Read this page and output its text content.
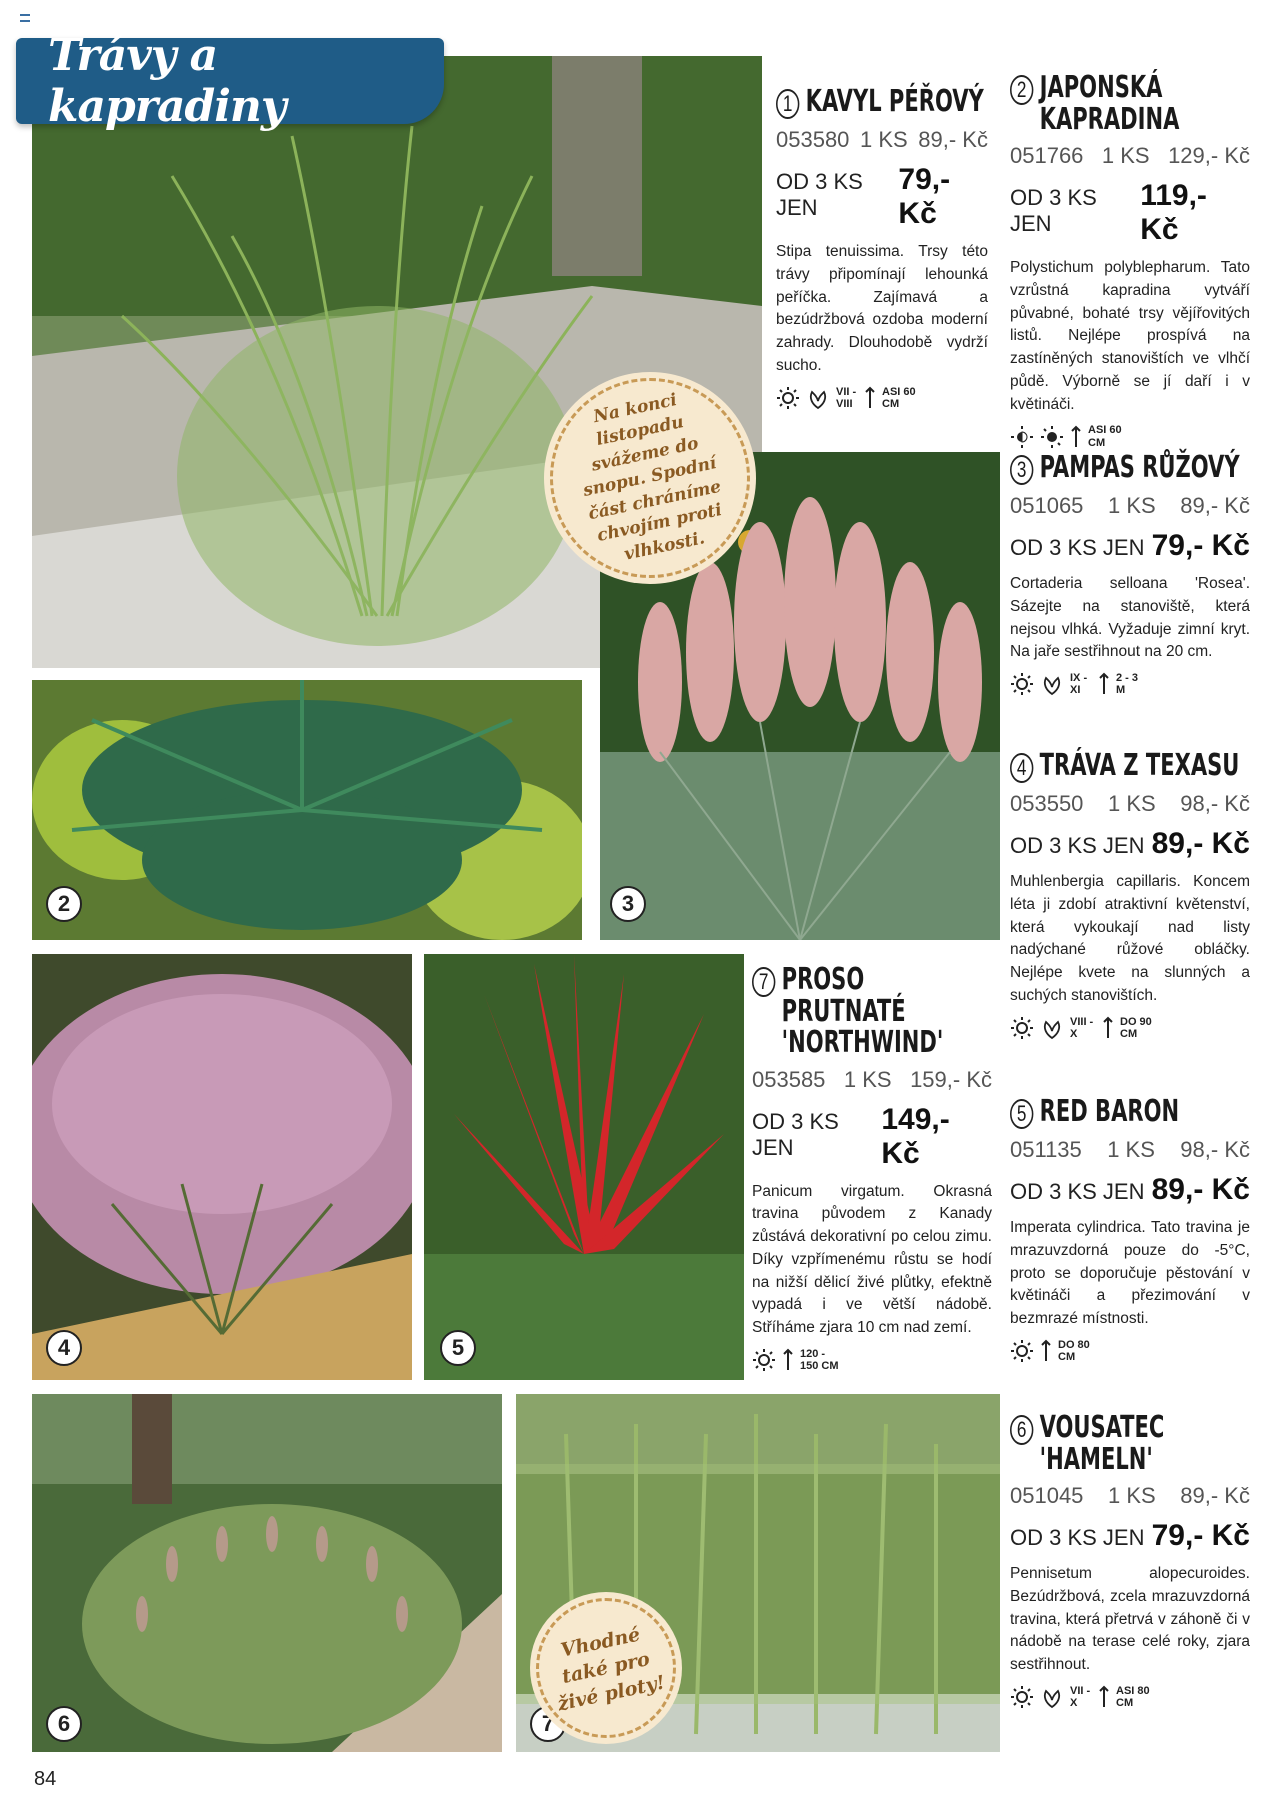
2	3
4	5
6	7
Trávy a kapradiny
Na konci listopadu svážeme do snopu. Spodní část chráníme chvojím proti vlhkosti.
Vhodné také pro živé ploty!
1 KAVYL PÉŘOVÝ
053580 1 KS 89,- Kč
OD 3 KS JEN
79,- Kč
Stipa tenuissima. Trsy této trávy připomínají lehounká peříčka. Zajímavá a bezúdržbová ozdoba moderní zahrady. Dlouhodobě vydrží sucho.
VII - VIII
ASI 60 CM
2 JAPONSKÁ KAPRADINA
051766 1 KS 129,- Kč
OD 3 KS JEN
119,- Kč
Polystichum polyblepharum. Tato vzrůstná kapradina vytváří půvabné, bohaté trsy vějířovitých listů. Nejlépe prospívá na zastíněných stanovištích ve vlhčí půdě. Výborně se jí daří i v květináči.
ASI 60 CM
3 PAMPAS RŮŽOVÝ
051065 1 KS 89,- Kč
OD 3 KS JEN 79,- Kč
Cortaderia selloana 'Rosea'. Sázejte na stanoviště, která nejsou vlhká. Vyžaduje zimní kryt. Na jaře sestřihnout na 20 cm.
IX - XI
2 - 3 M
4 TRÁVA Z TEXASU
053550 1 KS 98,- Kč
OD 3 KS JEN 89,- Kč
Muhlenbergia capillaris. Koncem léta ji zdobí atraktivní květenství, která vykoukají nad listy nadýchané růžové obláčky. Nejlépe kvete na slunných a suchých stanovištích.
VIII - X
DO 90 CM
5 RED BARON
051135 1 KS 98,- Kč
OD 3 KS JEN 89,- Kč
Imperata cylindrica. Tato travina je mrazuvzdorná pouze do -5°C, proto se doporučuje pěstování v květináči a přezimování v bezmrazé místnosti.
DO 80 CM
6 VOUSATEC 'HAMELN'
051045 1 KS 89,- Kč
OD 3 KS JEN 79,- Kč
Pennisetum alopecuroides. Bezúdržbová, zcela mrazuvzdorná travina, která přetrvá v záhoně či v nádobě na terase celé roky, zjara sestřihnout.
VII - X
ASI 80 CM
7 PROSO PRUTNATÉ 'NORTHWIND'
053585 1 KS 159,- Kč
OD 3 KS JEN
149,- Kč
Panicum virgatum. Okrasná travina původem z Kanady zůstává dekorativní po celou zimu. Díky vzpřímenému růstu se hodí na nižší dělicí živé plůtky, efektně vypadá i ve větší nádobě. Stříháme zjara 10 cm nad zemí.
120 - 150 CM
84
